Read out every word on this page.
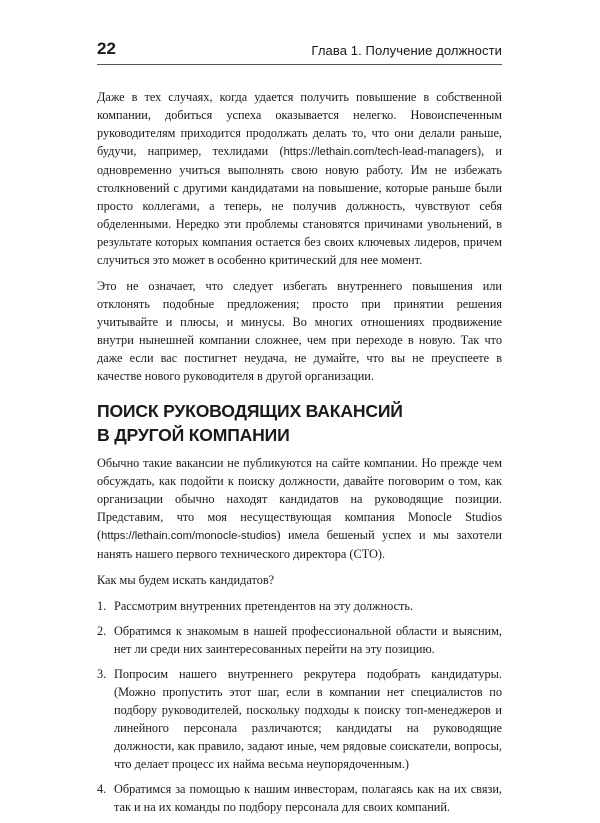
22	Глава 1. Получение должности

Даже в тех случаях, когда удается получить повышение в собственной компании, добиться успеха оказывается нелегко. Новоиспеченным руководителям приходится продолжать делать то, что они делали раньше, будучи, например, техлидами (https://lethain.com/tech-lead-managers), и одновременно учиться выполнять свою новую работу. Им не избежать столкновений с другими кандидатами на повышение, которые раньше были просто коллегами, а теперь, не получив должность, чувствуют себя обделенными. Нередко эти проблемы становятся причинами увольнений, в результате которых компания остается без своих ключевых лидеров, причем случиться это может в особенно критический для нее момент.

Это не означает, что следует избегать внутреннего повышения или отклонять подобные предложения; просто при принятии решения учитывайте и плюсы, и минусы. Во многих отношениях продвижение внутри нынешней компании сложнее, чем при переходе в новую. Так что даже если вас постигнет неудача, не думайте, что вы не преуспеете в качестве нового руководителя в другой организации.

ПОИСК РУКОВОДЯЩИХ ВАКАНСИЙ
В ДРУГОЙ КОМПАНИИ

Обычно такие вакансии не публикуются на сайте компании. Но прежде чем обсуждать, как подойти к поиску должности, давайте поговорим о том, как организации обычно находят кандидатов на руководящие позиции. Представим, что моя несуществующая компания Monocle Studios (https://lethain.com/monocle-studios) имела бешеный успех и мы захотели нанять нашего первого технического директора (CTO).

Как мы будем искать кандидатов?

1. Рассмотрим внутренних претендентов на эту должность.
2. Обратимся к знакомым в нашей профессиональной области и выясним, нет ли среди них заинтересованных перейти на эту позицию.
3. Попросим нашего внутреннего рекрутера подобрать кандидатуры. (Можно пропустить этот шаг, если в компании нет специалистов по подбору руководителей, поскольку подходы к поиску топ-менеджеров и линейного персонала различаются; кандидаты на руководящие должности, как правило, задают иные, чем рядовые соискатели, вопросы, что делает процесс их найма весьма неупорядоченным.)
4. Обратимся за помощью к нашим инвесторам, полагаясь как на их связи, так и на их команды по подбору персонала для своих компаний.
